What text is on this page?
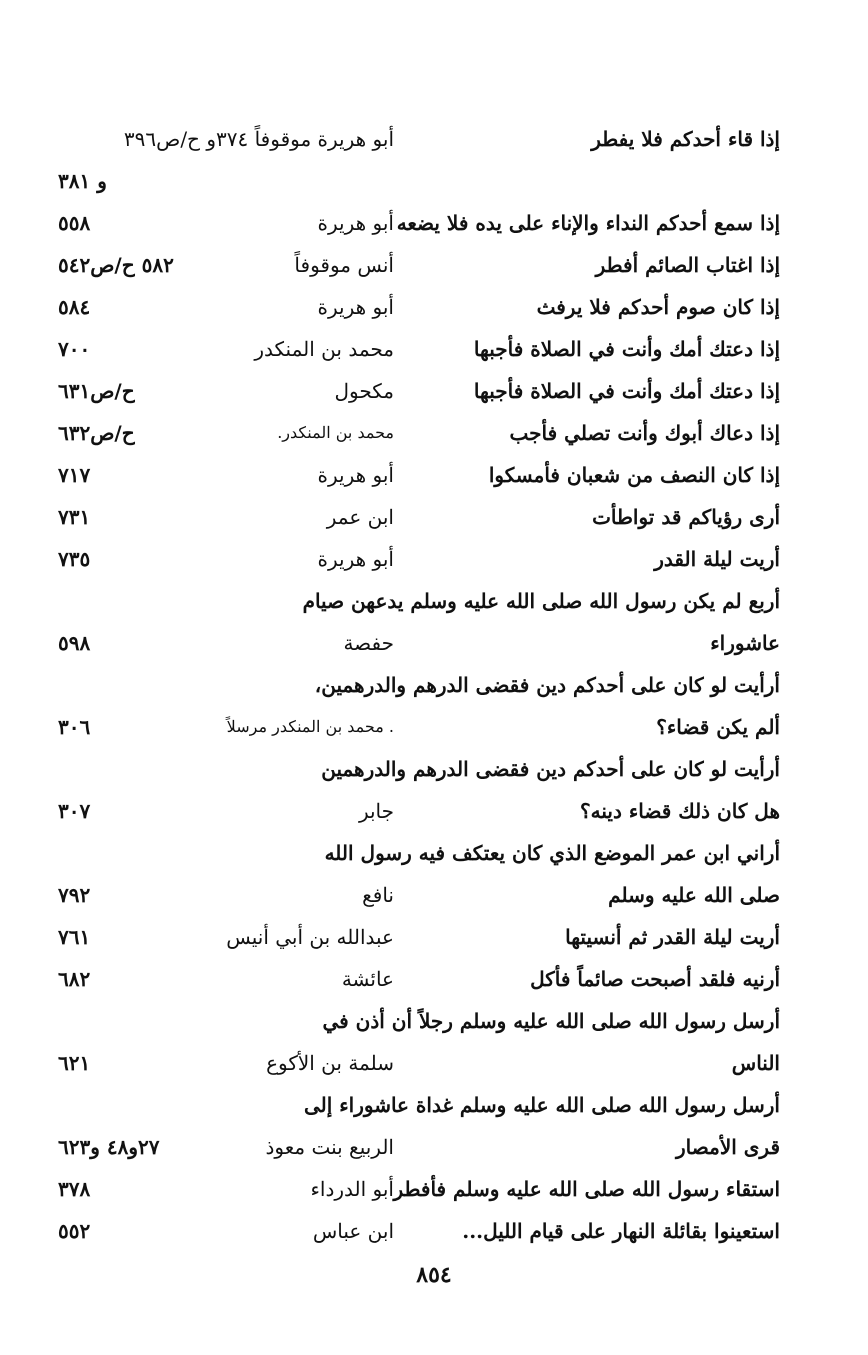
إذا قاء أحدكم فلا يفطر
أبو هريرة موقوفاً ٣٧٤و ح/ص٣٩٦
و ٣٨١
إذا سمع أحدكم النداء والإناء على يده فلا يضعه
أبو هريرة
٥٥٨
إذا اغتاب الصائم أفطر
أنس موقوفاً
٥٨٢ ح/ص٥٤٢
إذا كان صوم أحدكم فلا يرفث
أبو هريرة
٥٨٤
إذا دعتك أمك وأنت في الصلاة فأجبها
محمد بن المنكدر
٧٠٠
إذا دعتك أمك وأنت في الصلاة فأجبها
مكحول
ح/ص٦٣١
إذا دعاك أبوك وأنت تصلي فأجب
محمد بن المنكدر.
ح/ص٦٣٢
إذا كان النصف من شعبان فأمسكوا
أبو هريرة
٧١٧
أرى رؤياكم قد تواطأت
ابن عمر
٧٣١
أريت ليلة القدر
أبو هريرة
٧٣٥
أربع لم يكن رسول الله صلى الله عليه وسلم يدعهن صيام
عاشوراء
حفصة
٥٩٨
أرأيت لو كان على أحدكم دين فقضى الدرهم والدرهمين،
ألم يكن قضاء؟
. محمد بن المنكدر مرسلاً
٣٠٦
أرأيت لو كان على أحدكم دين فقضى الدرهم والدرهمين
هل كان ذلك قضاء دينه؟
جابر
٣٠٧
أراني ابن عمر الموضع الذي كان يعتكف فيه رسول الله
صلى الله عليه وسلم
نافع
٧٩٢
أريت ليلة القدر ثم أنسيتها
عبدالله بن أبي أنيس
٧٦١
أرنيه فلقد أصبحت صائماً فأكل
عائشة
٦٨٢
أرسل رسول الله صلى الله عليه وسلم رجلاً أن أذن في
الناس
سلمة بن الأكوع
٦٢١
أرسل رسول الله صلى الله عليه وسلم غداة عاشوراء إلى
قرى الأمصار
الربيع بنت معوذ
٢٧و٤٨ و٦٢٣
استقاء رسول الله صلى الله عليه وسلم فأفطر
أبو الدرداء
٣٧٨
استعينوا بقائلة النهار على قيام الليل...
ابن عباس
٥٥٢
٨٥٤
